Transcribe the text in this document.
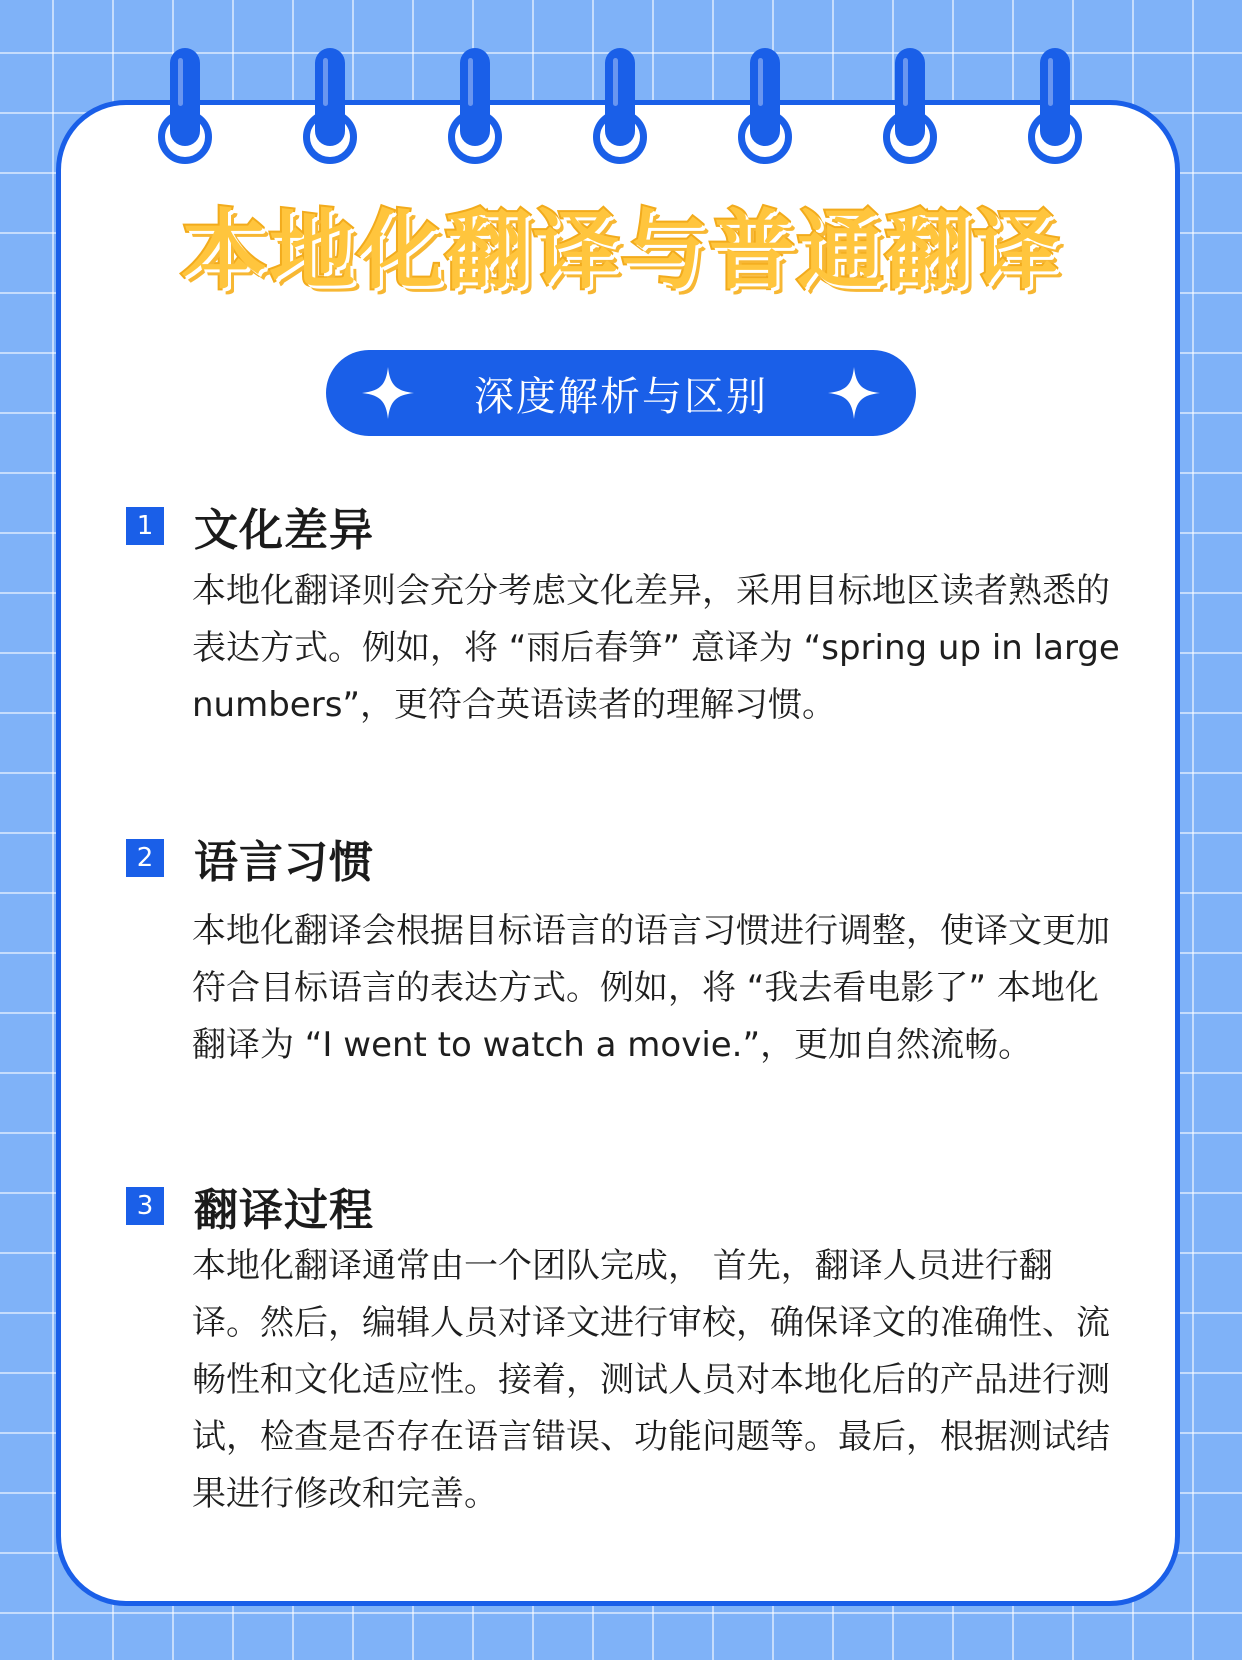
本地化翻译与普通翻译
深度解析与区别
1 文化差异

本地化翻译则会充分考虑文化差异，采用目标地区读者熟悉的表达方式。例如，将 “雨后春笋” 意译为 “spring up in large numbers”，更符合英语读者的理解习惯。

2 语言习惯

本地化翻译会根据目标语言的语言习惯进行调整，使译文更加符合目标语言的表达方式。例如，将 “我去看电影了” 本地化翻译为 “I went to watch a movie.”，更加自然流畅。

3 翻译过程

本地化翻译通常由一个团队完成， 首先，翻译人员进行翻译。然后，编辑人员对译文进行审校，确保译文的准确性、流畅性和文化适应性。接着，测试人员对本地化后的产品进行测试，检查是否存在语言错误、功能问题等。最后，根据测试结果进行修改和完善。
